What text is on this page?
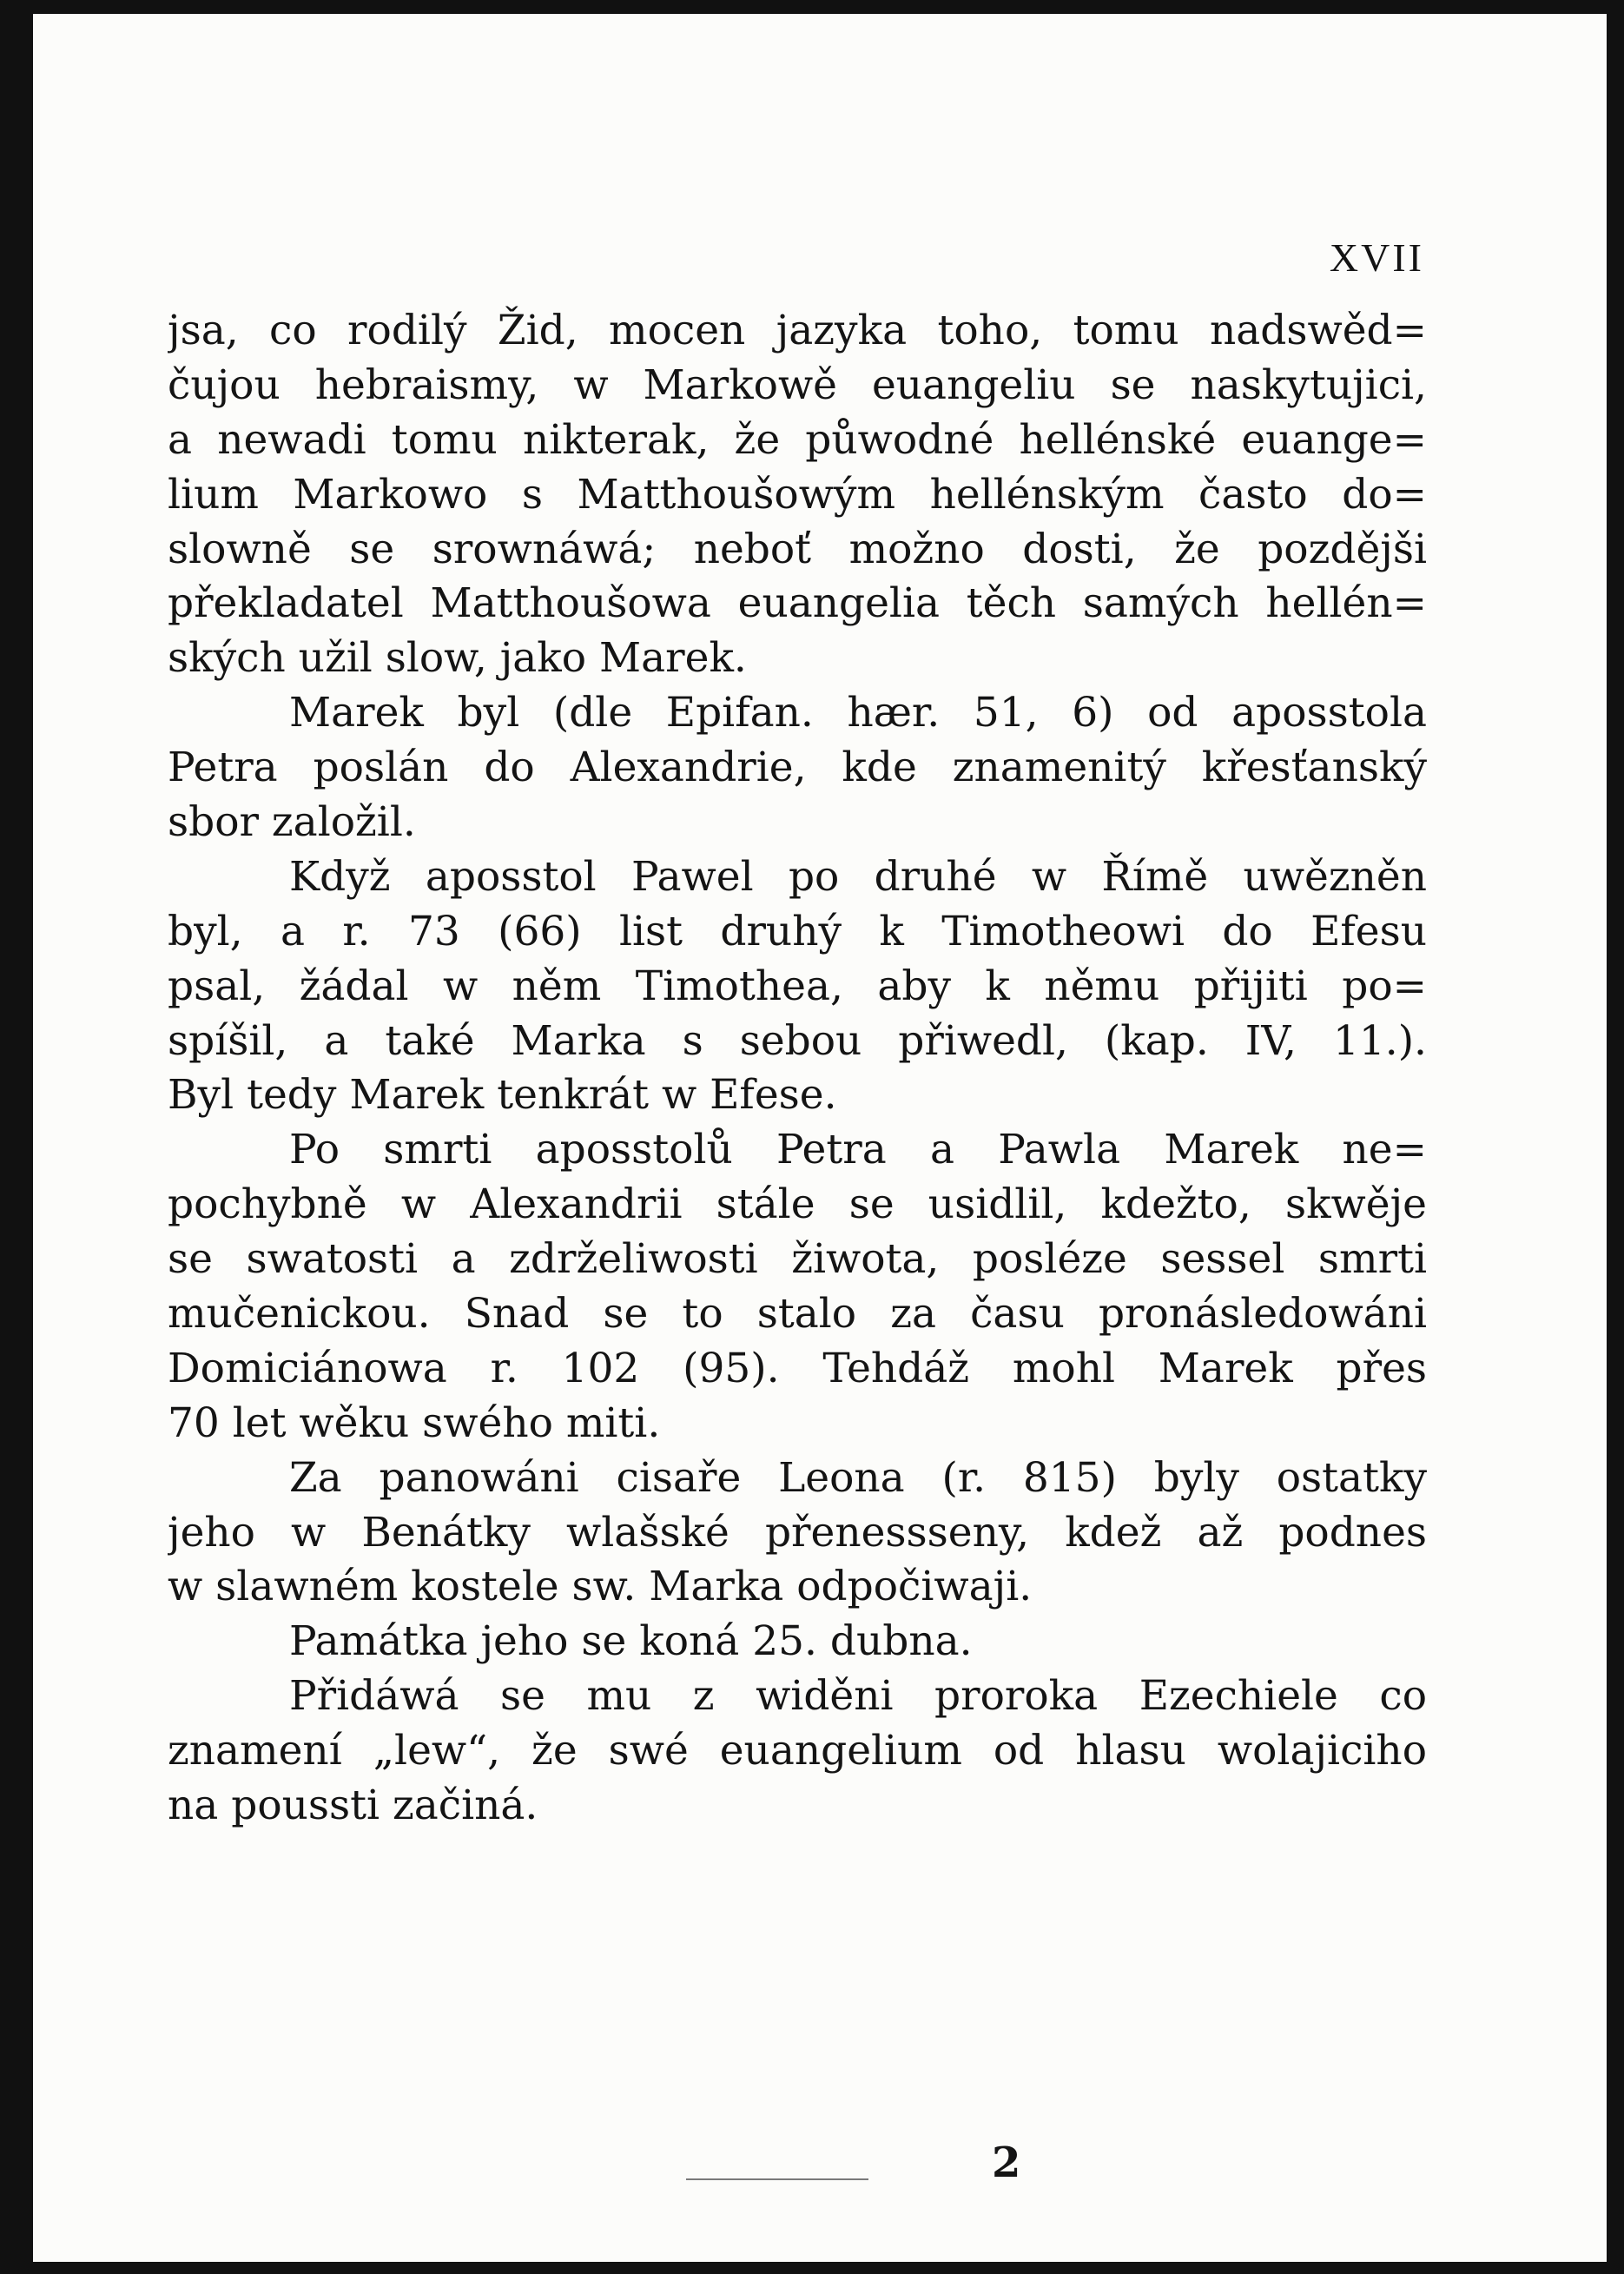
XVII
jsa, co rodilý Žid, mocen jazyka toho, tomu nadswěd=
čujou hebraismy, w Markowě euangeliu se naskytujici,
a newadi tomu nikterak, že půwodné hellénské euange=
lium Markowo s Matthoušowým hellénským často do=
slowně se srownáwá; neboť možno dosti, že pozdějši
překladatel Matthoušowa euangelia těch samých hellén=
ských užil slow, jako Marek.
Marek byl (dle Epifan. hær. 51, 6) od aposstola
Petra poslán do Alexandrie, kde znamenitý křesťanský
sbor založil.
Když aposstol Pawel po druhé w Římě uwězněn
byl, a r. 73 (66) list druhý k Timotheowi do Efesu
psal, žádal w něm Timothea, aby k němu přijiti po=
spíšil, a také Marka s sebou přiwedl, (kap. IV, 11.).
Byl tedy Marek tenkrát w Efese.
Po smrti aposstolů Petra a Pawla Marek ne=
pochybně w Alexandrii stále se usidlil, kdežto, skwěje
se swatosti a zdrželiwosti žiwota, posléze sessel smrti
mučenickou. Snad se to stalo za času pronásledowáni
Domiciánowa r. 102 (95). Tehdáž mohl Marek přes
70 let wěku swého miti.
Za panowáni cisaře Leona (r. 815) byly ostatky
jeho w Benátky wlašské přenessseny, kdež až podnes
w slawném kostele sw. Marka odpočiwaji.
Památka jeho se koná 25. dubna.
Přidáwá se mu z widěni proroka Ezechiele co
znamení „lew“, že swé euangelium od hlasu wolajiciho
na poussti začiná.
2
